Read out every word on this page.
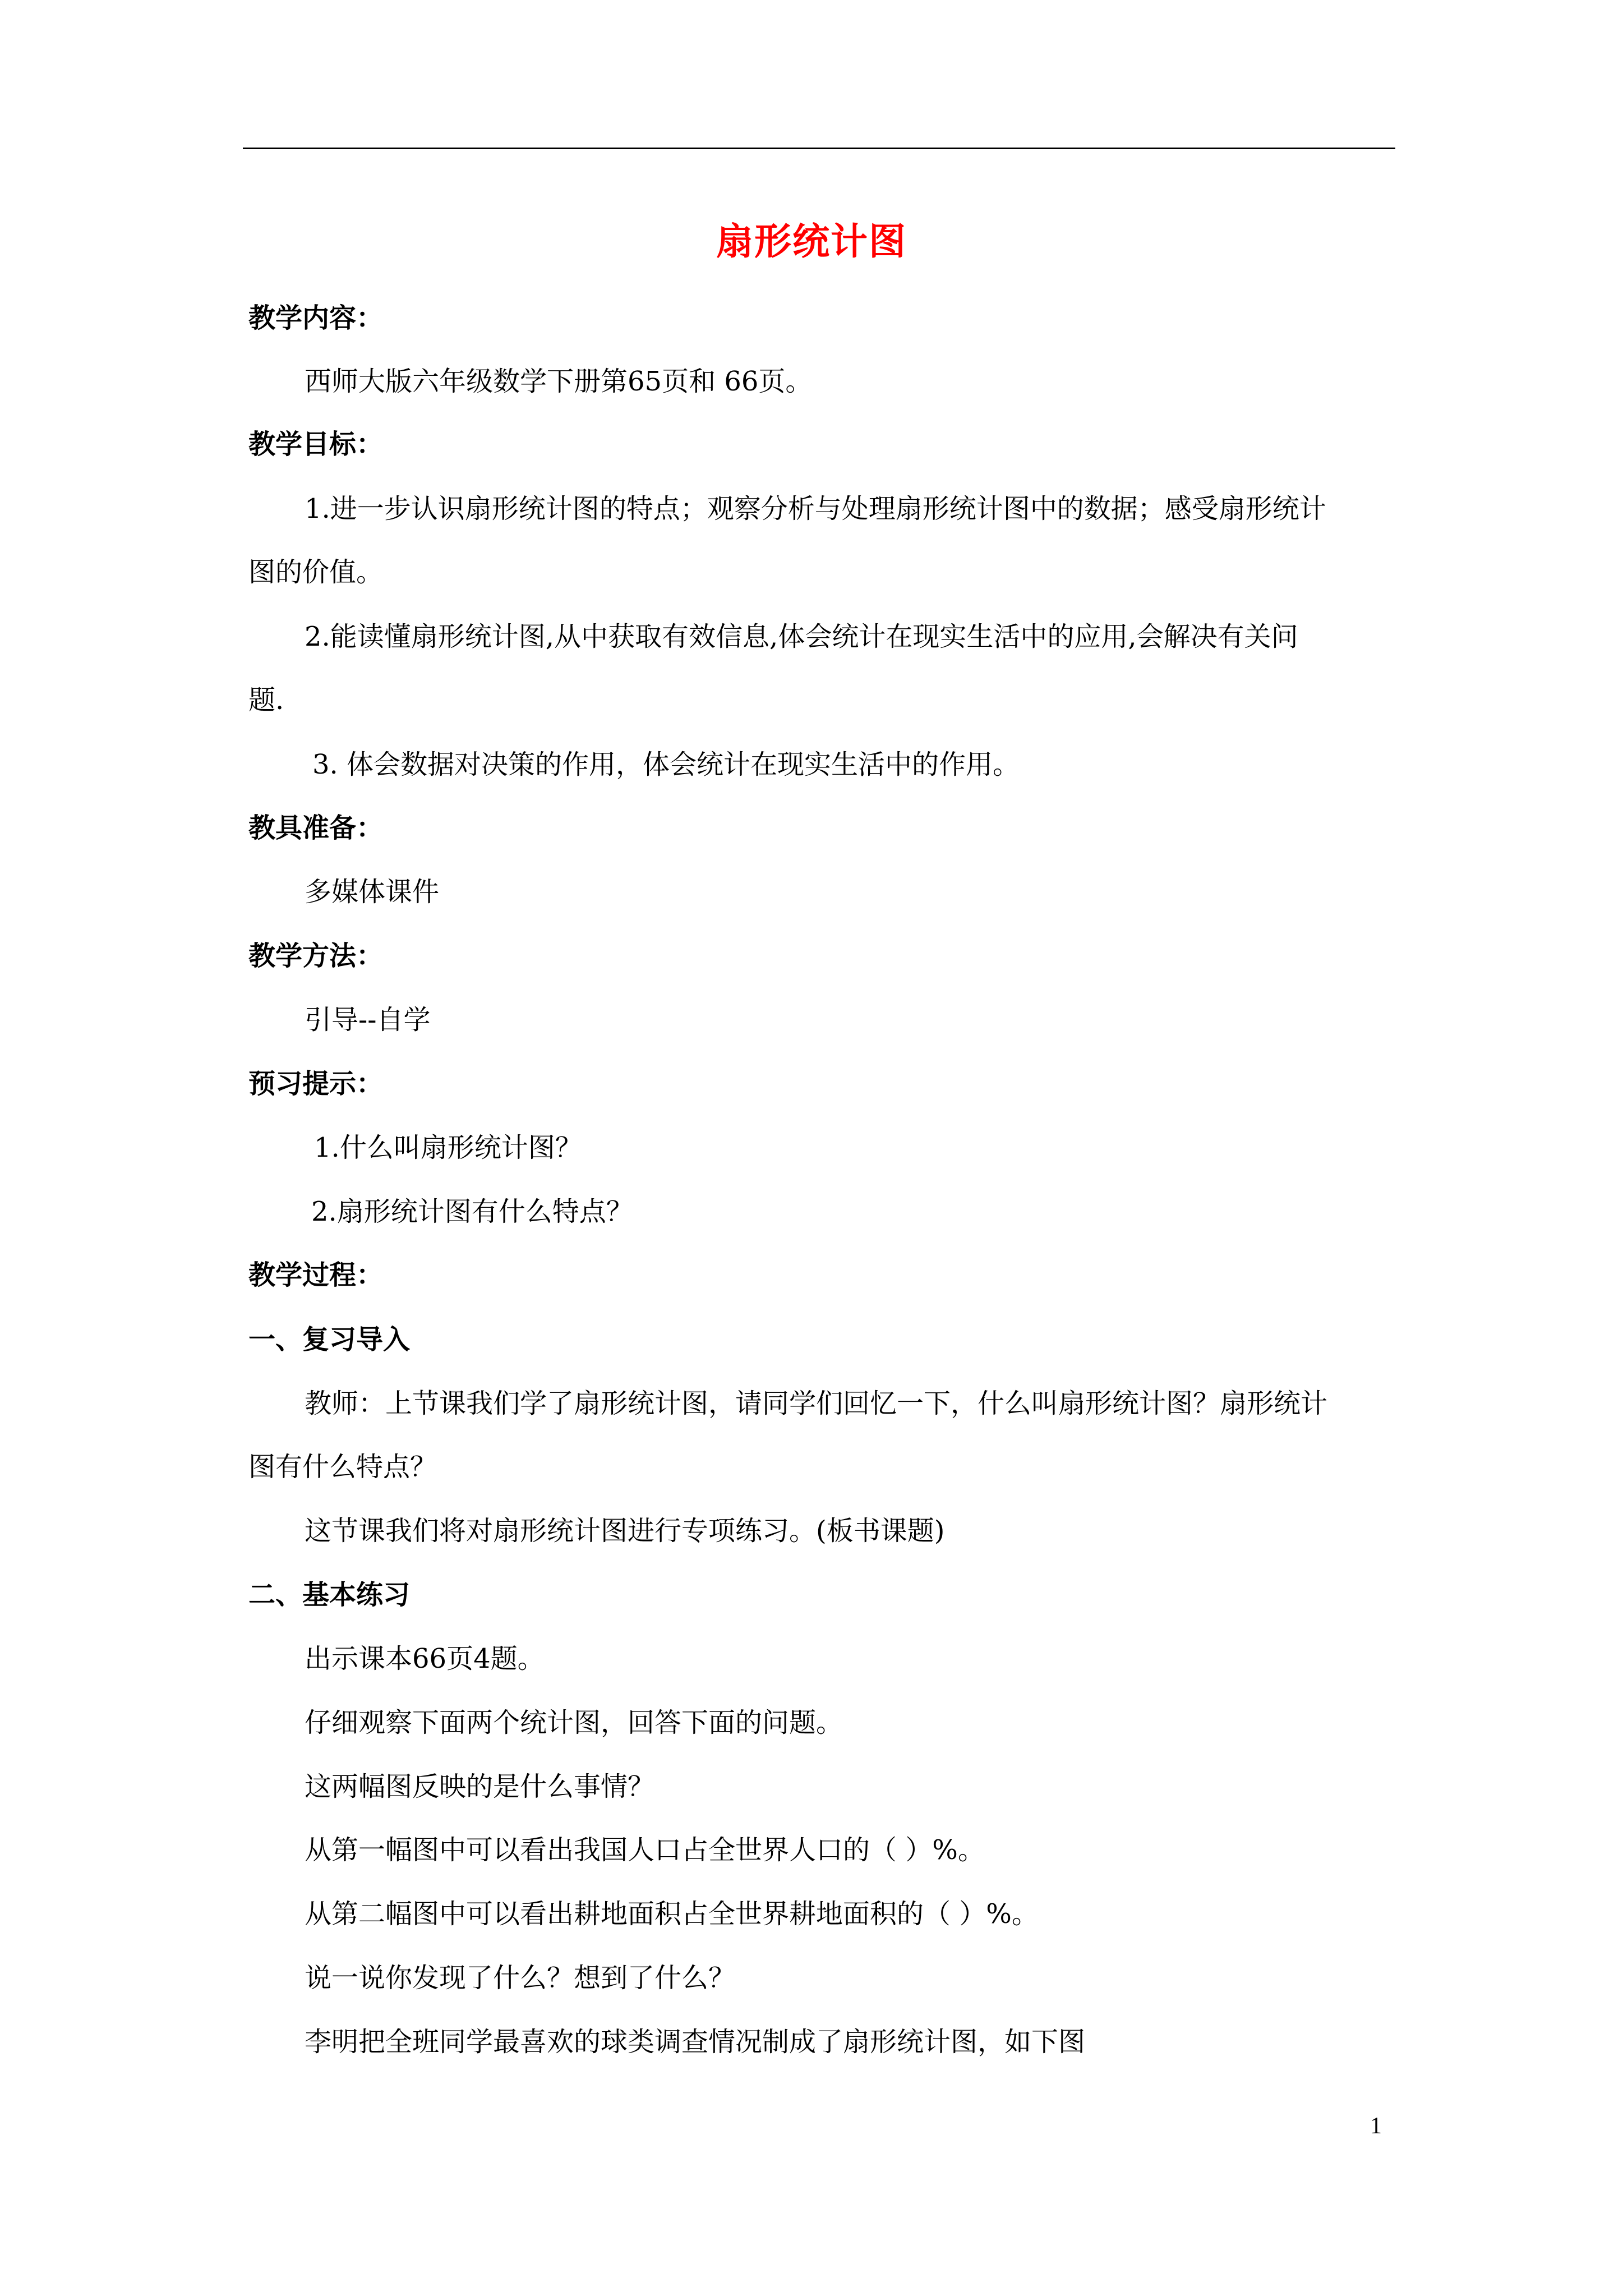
扇形统计图
教学内容：
西师大版六年级数学下册第65页和 66页。
教学目标：
1.进一步认识扇形统计图的特点；观察分析与处理扇形统计图中的数据；感受扇形统计
图的价值。
2.能读懂扇形统计图,从中获取有效信息,体会统计在现实生活中的应用,会解决有关问
题.
3. 体会数据对决策的作用，体会统计在现实生活中的作用。
教具准备：
多媒体课件
教学方法：
引导--自学
预习提示：
1.什么叫扇形统计图？
2.扇形统计图有什么特点？
教学过程：
一、复习导入
教师：上节课我们学了扇形统计图，请同学们回忆一下，什么叫扇形统计图？扇形统计
图有什么特点？
这节课我们将对扇形统计图进行专项练习。(板书课题)
二、基本练习
出示课本66页4题。
仔细观察下面两个统计图，回答下面的问题。
这两幅图反映的是什么事情？
从第一幅图中可以看出我国人口占全世界人口的（ ）%。
从第二幅图中可以看出耕地面积占全世界耕地面积的（ ）%。
说一说你发现了什么？想到了什么？
李明把全班同学最喜欢的球类调查情况制成了扇形统计图，如下图
1
